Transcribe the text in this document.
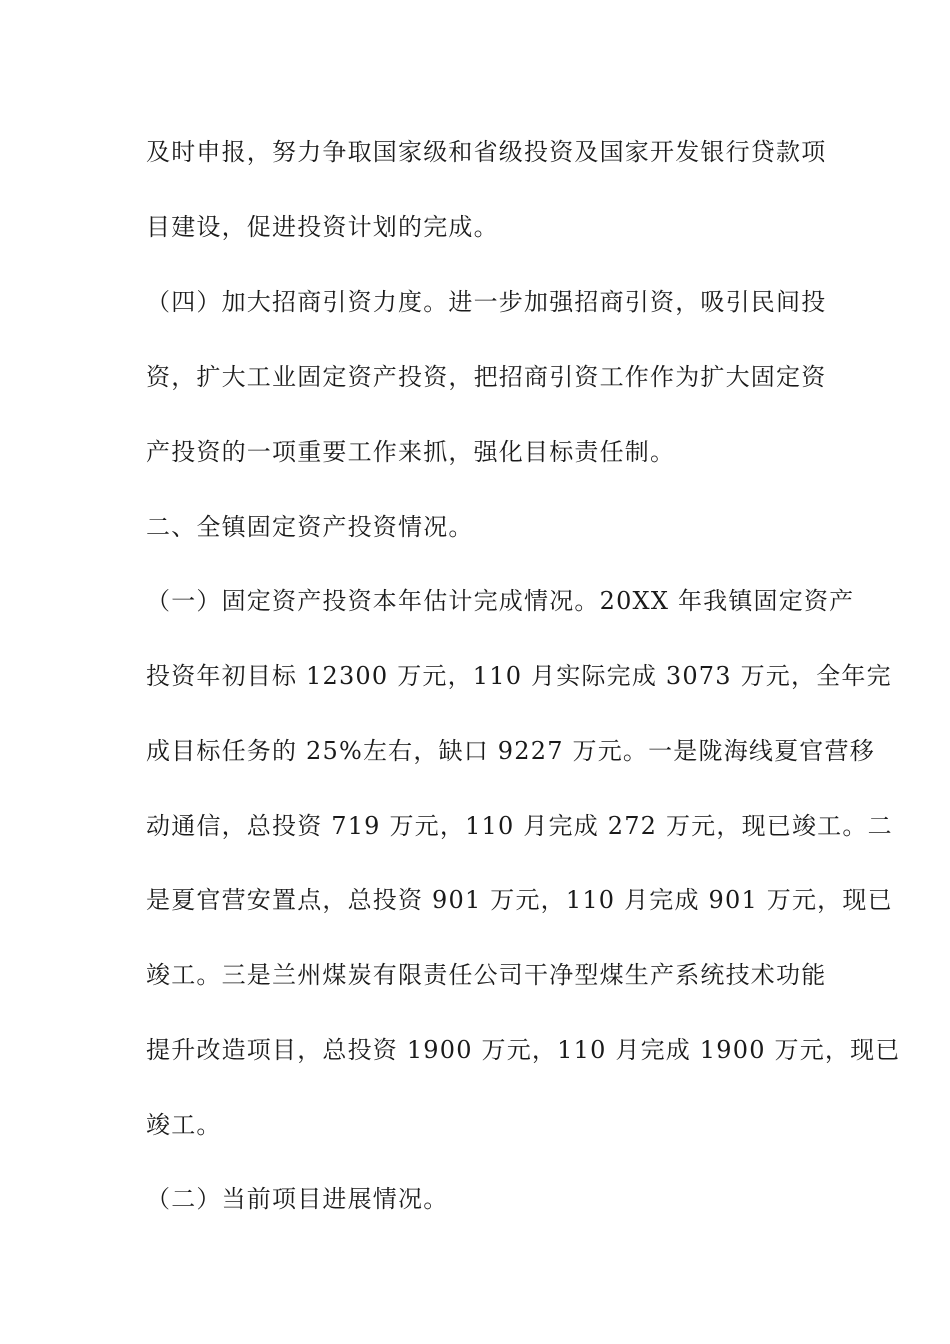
及时申报，努力争取国家级和省级投资及国家开发银行贷款项
目建设，促进投资计划的完成。
（四）加大招商引资力度。进一步加强招商引资，吸引民间投
资，扩大工业固定资产投资，把招商引资工作作为扩大固定资
产投资的一项重要工作来抓，强化目标责任制。
二、全镇固定资产投资情况。
（一）固定资产投资本年估计完成情况。20XX 年我镇固定资产
投资年初目标 12300 万元，110 月实际完成 3073 万元，全年完
成目标任务的 25%左右，缺口 9227 万元。一是陇海线夏官营移
动通信，总投资 719 万元，110 月完成 272 万元，现已竣工。二
是夏官营安置点，总投资 901 万元，110 月完成 901 万元，现已
竣工。三是兰州煤炭有限责任公司干净型煤生产系统技术功能
提升改造项目，总投资 1900 万元，110 月完成 1900 万元，现已
竣工。
（二）当前项目进展情况。
